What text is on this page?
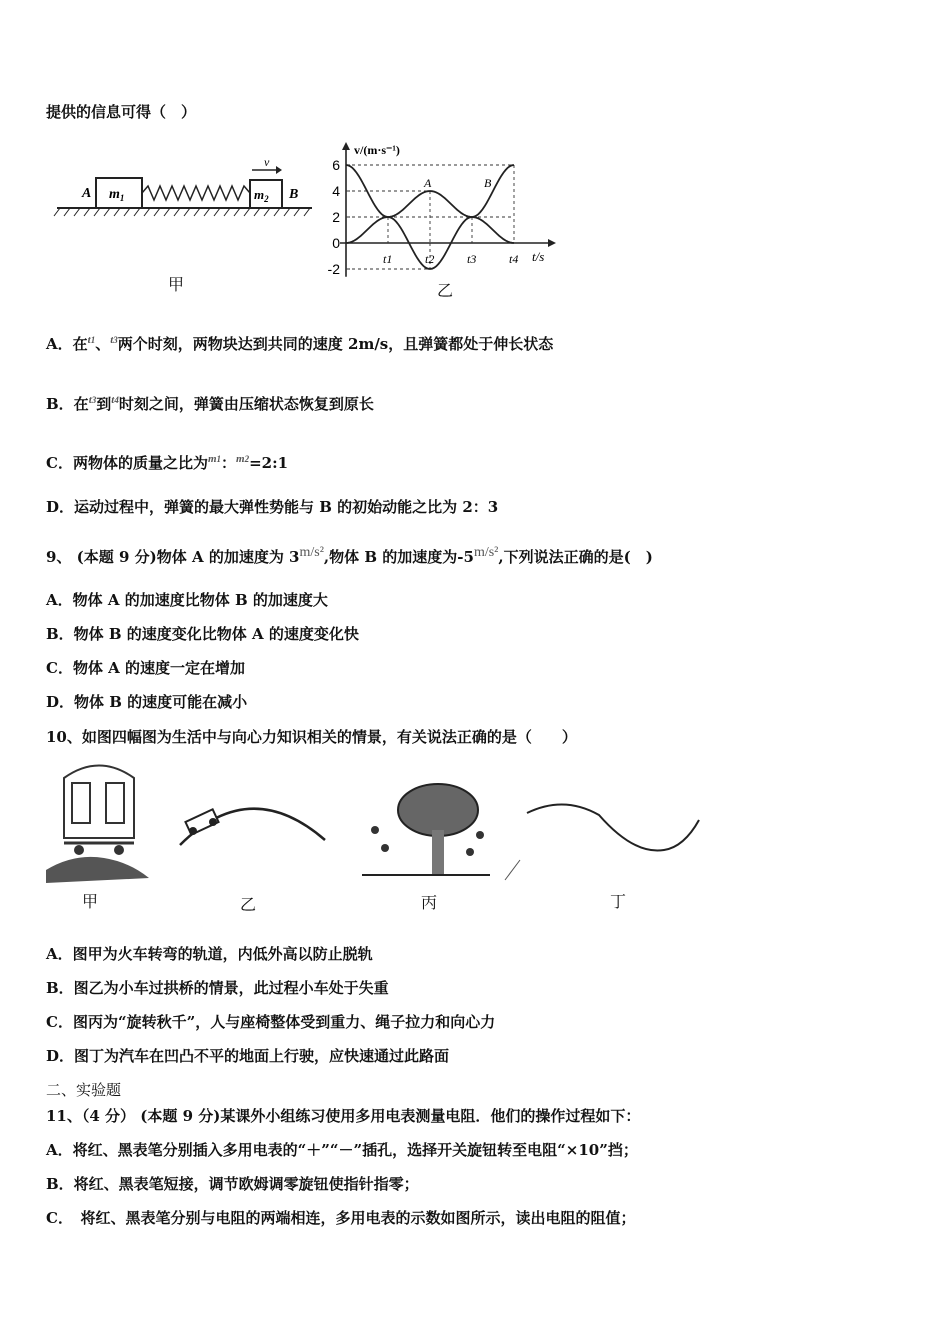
提供的信息可得（　）
A $m_1$	$m_2$ B
v
甲
v/(m·s⁻¹)
t/s
6
4
2
0
-2
t1	t2	t3	t4
A	B
乙
A．在$^{t1}$、$^{t3}$两个时刻，两物块达到共同的速度 2m/s，且弹簧都处于伸长状态
B．在$^{t3}$到$^{t4}$时刻之间，弹簧由压缩状态恢复到原长
C．两物体的质量之比为$^{m1}$：$^{m2}$=2:1
D．运动过程中，弹簧的最大弹性势能与 B 的初始动能之比为 2：3
9、 (本题 9 分)物体 A 的加速度为 3m/s²,物体 B 的加速度为-5m/s²,下列说法正确的是(　)
A．物体 A 的加速度比物体 B 的加速度大
B．物体 B 的速度变化比物体 A 的速度变化快
C．物体 A 的速度一定在增加
D．物体 B 的速度可能在减小
10、如图四幅图为生活中与向心力知识相关的情景，有关说法正确的是（　　）
甲	乙	丙	丁
A．图甲为火车转弯的轨道，内低外高以防止脱轨
B．图乙为小车过拱桥的情景，此过程小车处于失重
C．图丙为“旋转秋千”，人与座椅整体受到重力、绳子拉力和向心力
D．图丁为汽车在凹凸不平的地面上行驶，应快速通过此路面
二、实验题
11、（4 分） (本题 9 分)某课外小组练习使用多用电表测量电阻．他们的操作过程如下：
A．将红、黑表笔分别插入多用电表的“＋”“－”插孔，选择开关旋钮转至电阻“×10”挡；
B．将红、黑表笔短接，调节欧姆调零旋钮使指针指零；
C．　将红、黑表笔分别与电阻的两端相连，多用电表的示数如图所示，读出电阻的阻值；
